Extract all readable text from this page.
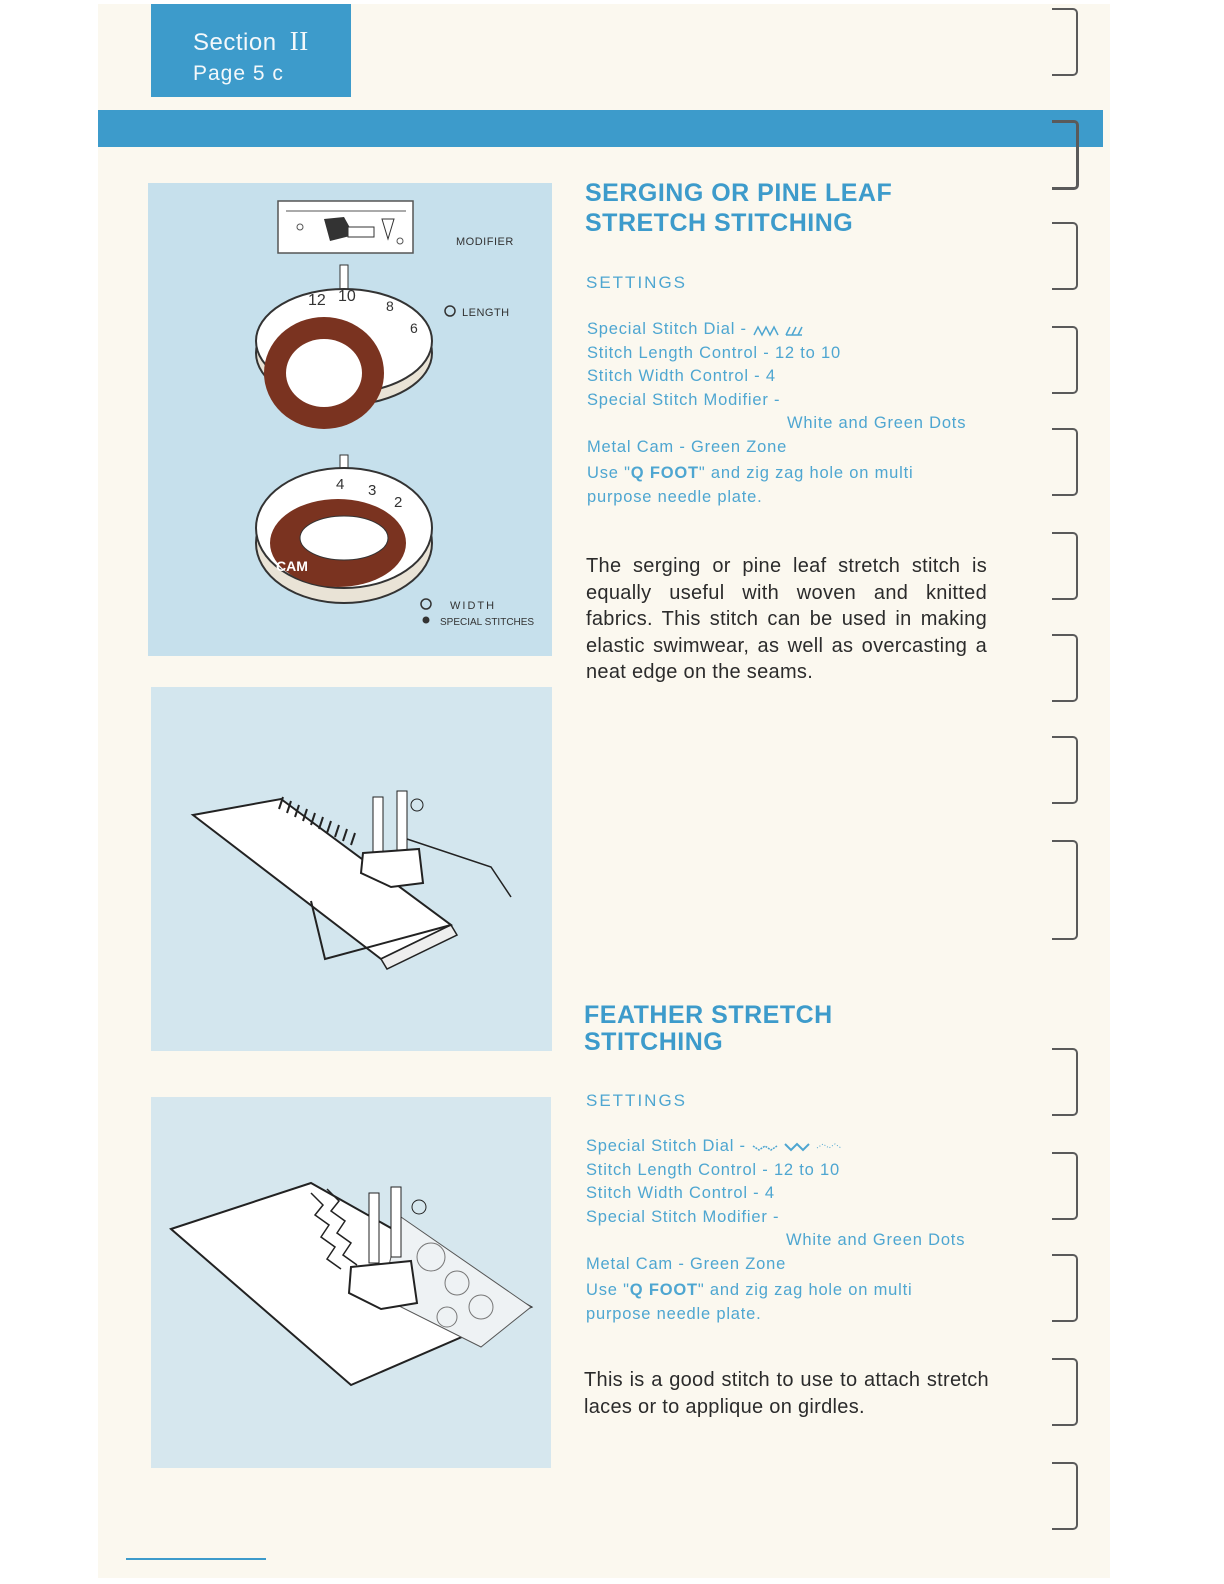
Section II
Page 5 c
12 10
8
6
CAM
4 3
2
MODIFIER
LENGTH
WIDTH
SPECIAL STITCHES
SERGING OR PINE LEAF
STRETCH STITCHING
SETTINGS
Special Stitch Dial -
Stitch Length Control - 12 to 10
Stitch Width Control - 4
Special Stitch Modifier -
White and Green Dots
Metal Cam - Green Zone
Use "Q FOOT" and zig zag hole on multi
purpose needle plate.
The serging or pine leaf stretch stitch is equally useful with woven and knitted fabrics. This stitch can be used in making elastic swimwear, as well as overcasting a neat edge on the seams.
FEATHER STRETCH
STITCHING
SETTINGS
Special Stitch Dial -
Stitch Length Control - 12 to 10
Stitch Width Control - 4
Special Stitch Modifier -
White and Green Dots
Metal Cam - Green Zone
Use "Q FOOT" and zig zag hole on multi
purpose needle plate.
This is a good stitch to use to attach stretch laces or to applique on girdles.
